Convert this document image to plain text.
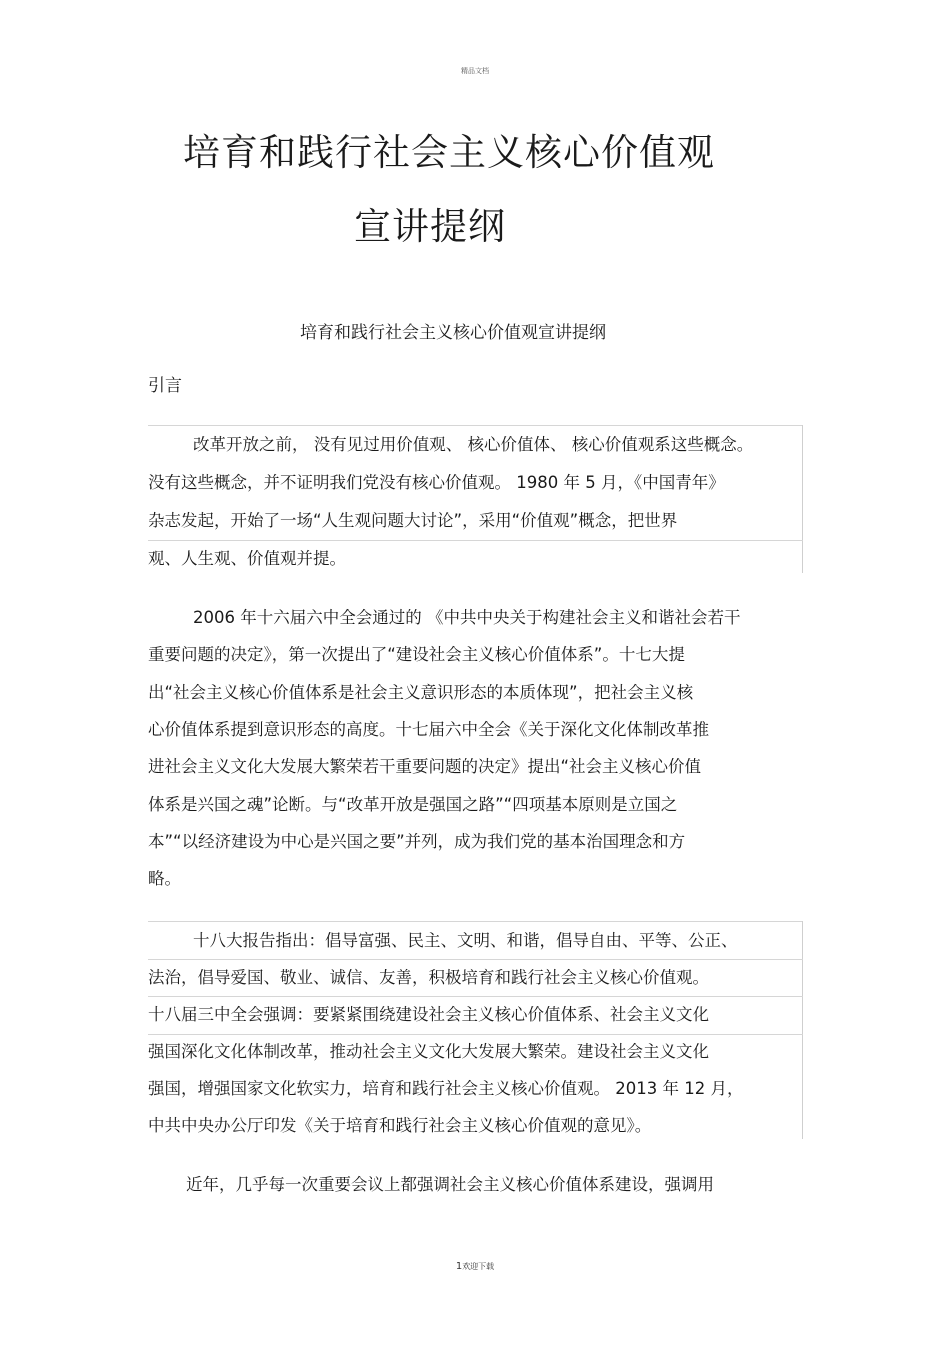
精品文档
培育和践行社会主义核心价值观
宣讲提纲
培育和践行社会主义核心价值观宣讲提纲
引言
改革开放之前， 没有见过用价值观、 核心价值体、 核心价值观系这些概念。
没有这些概念，并不证明我们党没有核心价值观。 1980 年 5 月，《中国青年》
杂志发起，开始了一场“人生观问题大讨论”，采用“价值观”概念，把世界
观、人生观、价值观并提。
2006 年十六届六中全会通过的 《中共中央关于构建社会主义和谐社会若干
重要问题的决定》，第一次提出了“建设社会主义核心价值体系”。十七大提
出“社会主义核心价值体系是社会主义意识形态的本质体现”，把社会主义核
心价值体系提到意识形态的高度。十七届六中全会《关于深化文化体制改革推
进社会主义文化大发展大繁荣若干重要问题的决定》提出“社会主义核心价值
体系是兴国之魂”论断。与“改革开放是强国之路”“四项基本原则是立国之
本”“以经济建设为中心是兴国之要”并列，成为我们党的基本治国理念和方
略。
十八大报告指出：倡导富强、民主、文明、和谐，倡导自由、平等、公正、
法治，倡导爱国、敬业、诚信、友善，积极培育和践行社会主义核心价值观。
十八届三中全会强调：要紧紧围绕建设社会主义核心价值体系、社会主义文化
强国深化文化体制改革，推动社会主义文化大发展大繁荣。建设社会主义文化
强国，增强国家文化软实力，培育和践行社会主义核心价值观。 2013 年 12 月，
中共中央办公厅印发《关于培育和践行社会主义核心价值观的意见》。
近年，几乎每一次重要会议上都强调社会主义核心价值体系建设，强调用
1欢迎下载
